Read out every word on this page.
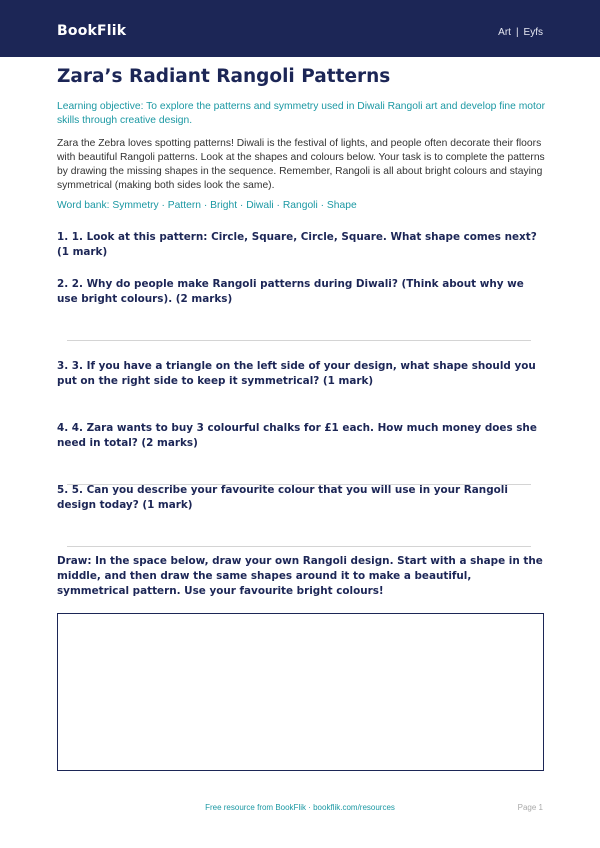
BookFlik	Art | Eyfs
Zara’s Radiant Rangoli Patterns
Learning objective: To explore the patterns and symmetry used in Diwali Rangoli art and develop fine motor skills through creative design.
Zara the Zebra loves spotting patterns! Diwali is the festival of lights, and people often decorate their floors with beautiful Rangoli patterns. Look at the shapes and colours below. Your task is to complete the patterns by drawing the missing shapes in the sequence. Remember, Rangoli is all about bright colours and staying symmetrical (making both sides look the same).
Word bank: Symmetry · Pattern · Bright · Diwali · Rangoli · Shape
1. 1. Look at this pattern: Circle, Square, Circle, Square. What shape comes next? (1 mark)
2. 2. Why do people make Rangoli patterns during Diwali? (Think about why we use bright colours). (2 marks)
3. 3. If you have a triangle on the left side of your design, what shape should you put on the right side to keep it symmetrical? (1 mark)
4. 4. Zara wants to buy 3 colourful chalks for £1 each. How much money does she need in total? (2 marks)
5. 5. Can you describe your favourite colour that you will use in your Rangoli design today? (1 mark)
Draw: In the space below, draw your own Rangoli design. Start with a shape in the middle, and then draw the same shapes around it to make a beautiful, symmetrical pattern. Use your favourite bright colours!
Free resource from BookFlik · bookflik.com/resources	Page 1
